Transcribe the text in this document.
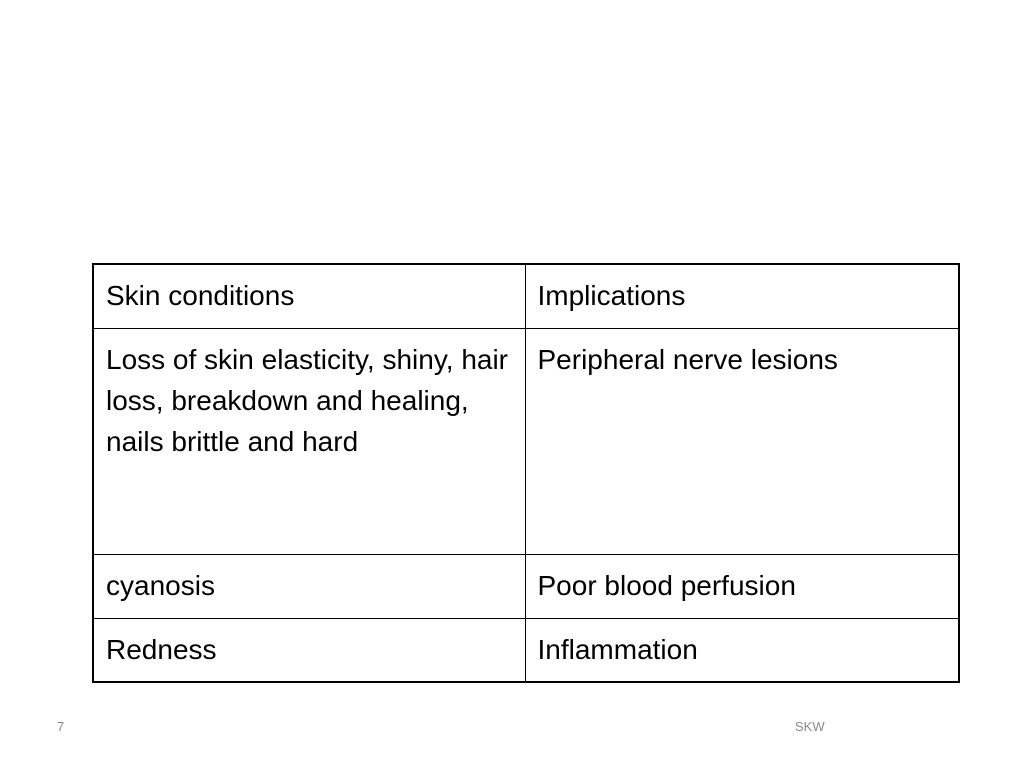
Skin conditions	Implications
Loss of skin elasticity, shiny, hair loss, breakdown and healing, nails brittle and hard	Peripheral nerve lesions
cyanosis	Poor blood perfusion
Redness	Inflammation
7	SKW
